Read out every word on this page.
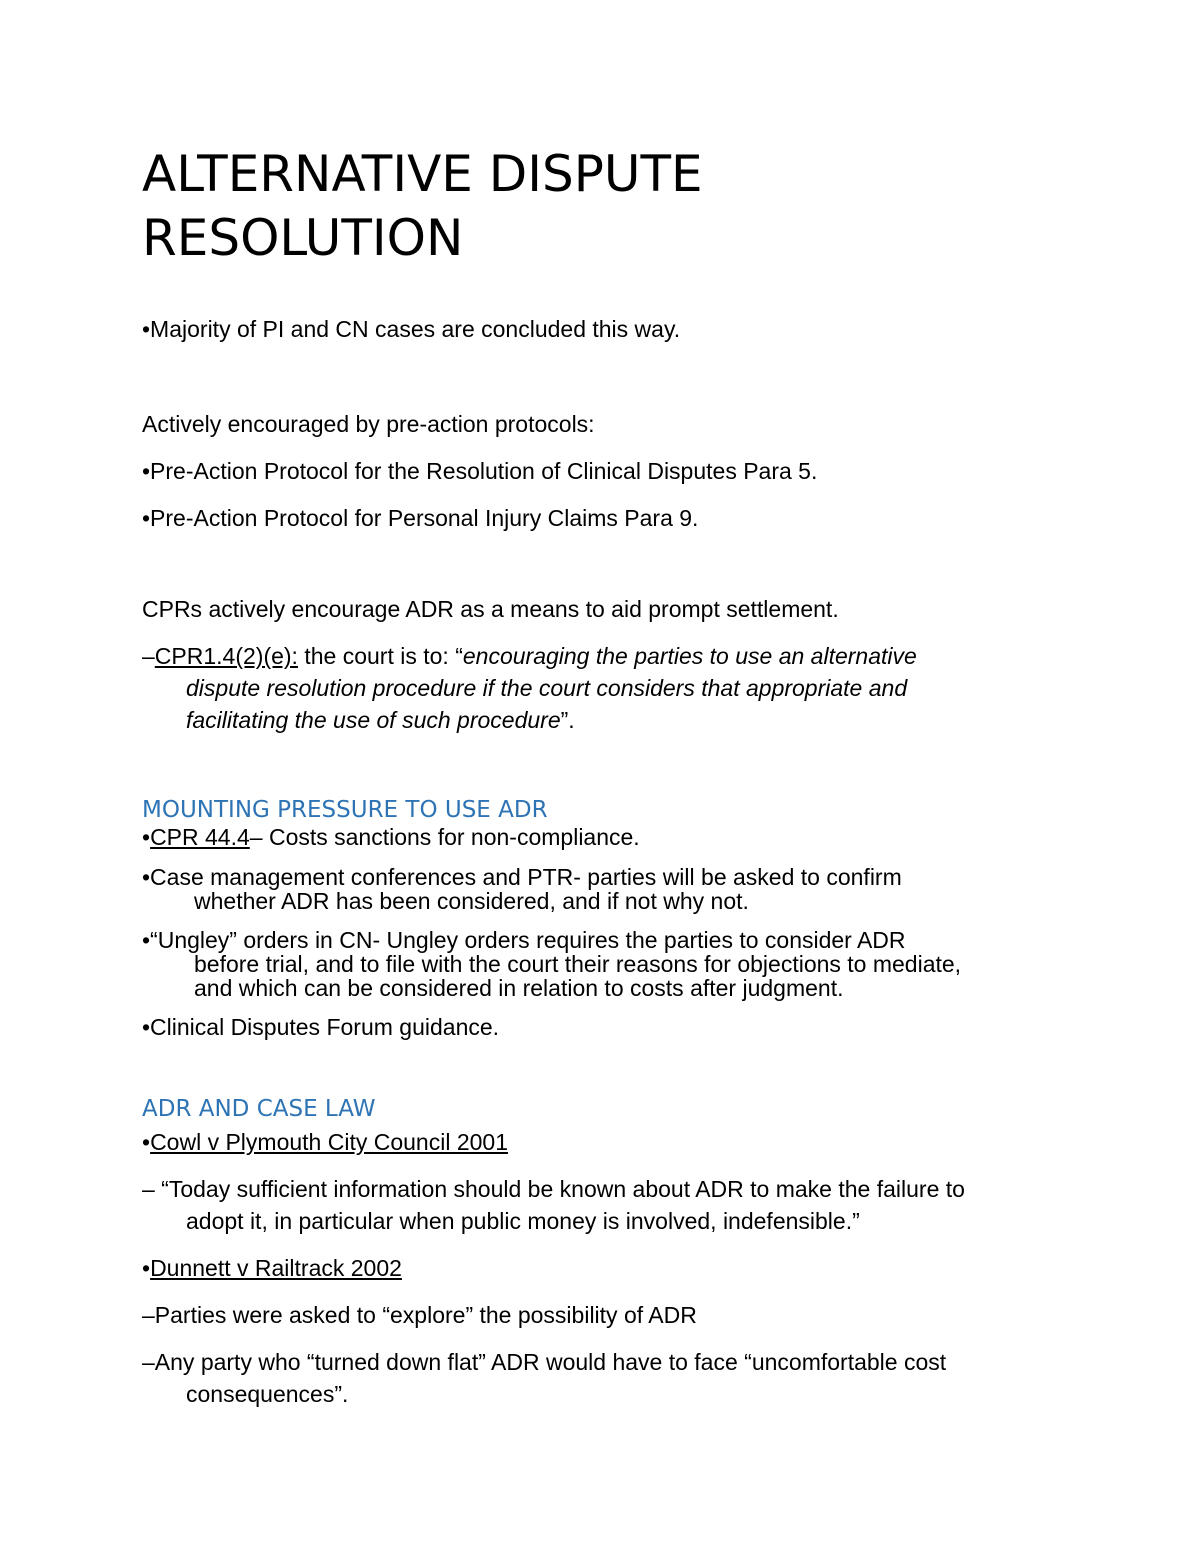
ALTERNATIVE DISPUTE
RESOLUTION
•Majority of PI and CN cases are concluded this way.
Actively encouraged by pre-action protocols:
•Pre-Action Protocol for the Resolution of Clinical Disputes Para 5.
•Pre-Action Protocol for Personal Injury Claims Para 9.
CPRs actively encourage ADR as a means to aid prompt settlement.
–CPR1.4(2)(e): the court is to: “encouraging the parties to use an alternative
dispute resolution procedure if the court considers that appropriate and
facilitating the use of such procedure”.
MOUNTING PRESSURE TO USE ADR
•CPR 44.4– Costs sanctions for non-compliance.
•Case management conferences and PTR- parties will be asked to confirm
whether ADR has been considered, and if not why not.
•“Ungley” orders in CN- Ungley orders requires the parties to consider ADR
before trial, and to file with the court their reasons for objections to mediate,
and which can be considered in relation to costs after judgment.
•Clinical Disputes Forum guidance.
ADR AND CASE LAW
•Cowl v Plymouth City Council 2001
– “Today sufficient information should be known about ADR to make the failure to
adopt it, in particular when public money is involved, indefensible.”
•Dunnett v Railtrack 2002
–Parties were asked to “explore” the possibility of ADR
–Any party who “turned down flat” ADR would have to face “uncomfortable cost
consequences”.
